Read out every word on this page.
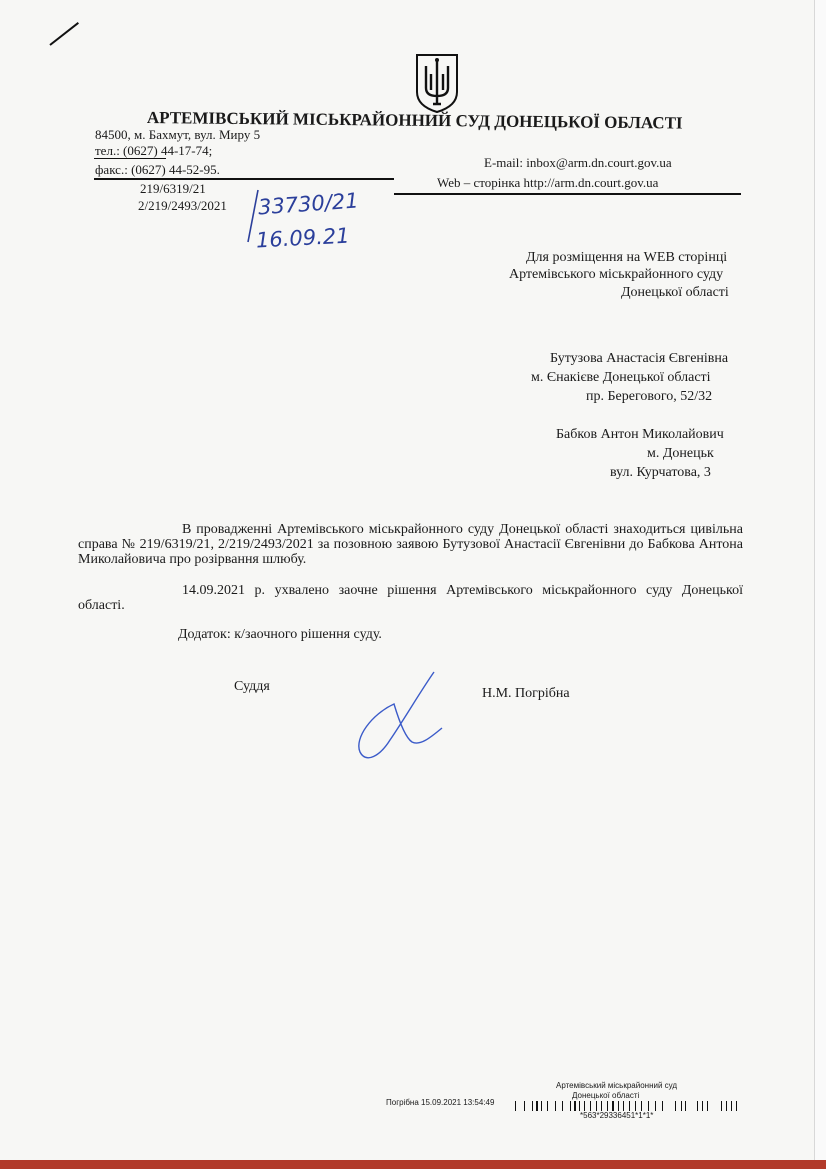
АРТЕМІВСЬКИЙ МІСЬКРАЙОННИЙ СУД ДОНЕЦЬКОЇ ОБЛАСТІ
84500, м. Бахмут, вул. Миру 5
тел.: (0627) 44-17-74;
факс.: (0627) 44-52-95.	E-mail: inbox@arm.dn.court.gov.ua
Web – сторінка http://arm.dn.court.gov.ua
219/6319/21
2/219/2493/2021 33730/21
16.09.21
Для розміщення на WEB сторінці
Артемівського міськрайонного суду
Донецької області
Бутузова Анастасія Євгенівна
м. Єнакієве Донецької області
пр. Берегового, 52/32
Бабков Антон Миколайович
м. Донецьк
вул. Курчатова, 3
В провадженні Артемівського міськрайонного суду Донецької області знаходиться цивільна справа № 219/6319/21, 2/219/2493/2021 за позовною заявою Бутузової Анастасії Євгенівни до Бабкова Антона Миколайовича про розірвання шлюбу.
14.09.2021 р. ухвалено заочне рішення Артемівського міськрайонного суду Донецької області.
Додаток: к/заочного рішення суду.
Суддя	Н.М. Погрібна
Артемівський міськрайонний суд
Донецької області
Погрібна 15.09.2021 13:54:49
*563*29336451*1*1*
